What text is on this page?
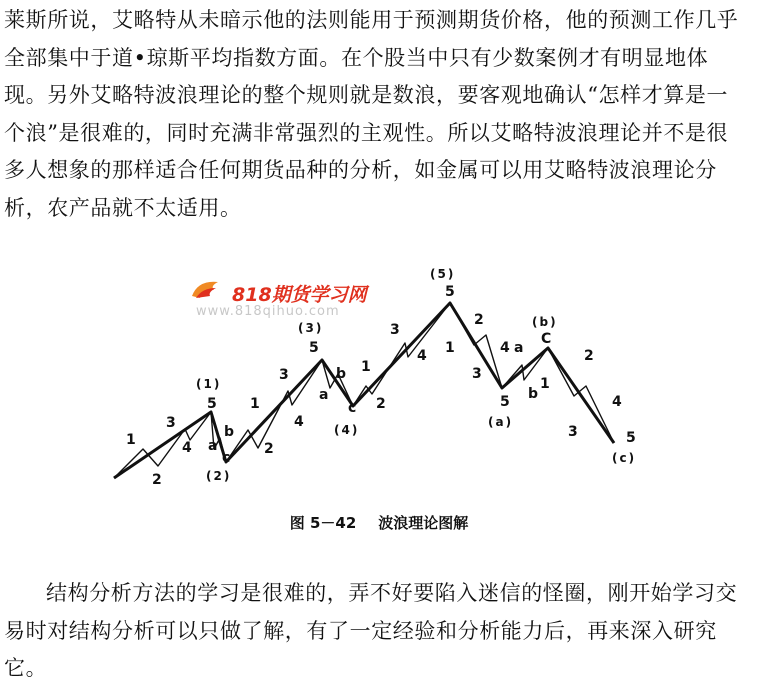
莱斯所说，艾略特从未暗示他的法则能用于预测期货价格，他的预测工作几乎全部集中于道•琼斯平均指数方面。在个股当中只有少数案例才有明显地体现。另外艾略特波浪理论的整个规则就是数浪，要客观地确认“怎样才算是一个浪”是很难的，同时充满非常强烈的主观性。所以艾略特波浪理论并不是很多人想象的那样适合任何期货品种的分析，如金属可以用艾略特波浪理论分析，农产品就不太适用。

818期货学习网
www.818qihuo.com
1
2
3
4
5
(1)
a
b
c
(2)
1
2
3
4
5
(3)
a
b
c
(4)
1
2
3
4
5
(5)
1
2
3
4
5
(a)
a
b
(b)
1
C
2
3
4
5
(c)
图 5－42 波浪理论图解

结构分析方法的学习是很难的，弄不好要陷入迷信的怪圈，刚开始学习交易时对结构分析可以只做了解，有了一定经验和分析能力后，再来深入研究它。
